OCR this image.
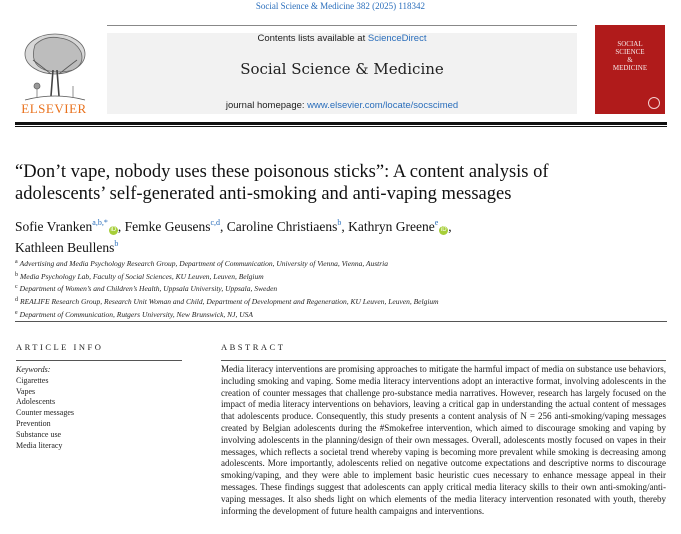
Social Science & Medicine 382 (2025) 118342
ELSEVIER
Contents lists available at ScienceDirect
Social Science & Medicine
journal homepage: www.elsevier.com/locate/socscimed
SOCIAL
SCIENCE
&
MEDICINE
“Don’t vape, nobody uses these poisonous sticks”: A content analysis of adolescents’ self-generated anti-smoking and anti-vaping messages
Sofie Vranken$^{a,b,*}$iD , Femke Geusens$^{c,d}$, Caroline Christiaens$^b$, Kathryn Greene$^e$iD ,
Kathleen Beullens$^b$
$^a$ Advertising and Media Psychology Research Group, Department of Communication, University of Vienna, Vienna, Austria
$^b$ Media Psychology Lab, Faculty of Social Sciences, KU Leuven, Leuven, Belgium
$^c$ Department of Women’s and Children’s Health, Uppsala University, Uppsala, Sweden
$^d$ REALIFE Research Group, Research Unit Woman and Child, Department of Development and Regeneration, KU Leuven, Leuven, Belgium
$^e$ Department of Communication, Rutgers University, New Brunswick, NJ, USA
ARTICLE INFO
Keywords:
Cigarettes
Vapes
Adolescents
Counter messages
Prevention
Substance use
Media literacy
ABSTRACT
Media literacy interventions are promising approaches to mitigate the harmful impact of media on substance use behaviors, including smoking and vaping. Some media literacy interventions adopt an interactive format, involving adolescents in the creation of counter messages that challenge pro-substance media narratives. However, research has largely focused on the impact of media literacy interventions on behaviors, leaving a critical gap in understanding the actual content of messages that adolescents produce. Consequently, this study presents a content analysis of N = 256 anti-smoking/vaping messages created by Belgian adolescents during the #Smokefree intervention, which aimed to discourage smoking and vaping by involving adolescents in the planning/design of their own messages. Overall, adolescents mostly focused on vapes in their messages, which reflects a societal trend whereby vaping is becoming more prevalent while smoking is decreasing among adolescents. More importantly, adolescents relied on negative outcome expectations and descriptive norms to discourage smoking/vaping, and they were able to implement basic heuristic cues necessary to enhance message appeal in their messages. These findings suggest that adolescents can apply critical media literacy skills to their own anti-smoking/anti-vaping messages. It also sheds light on which elements of the media literacy intervention resonated with youth, thereby informing the development of future health campaigns and interventions.
